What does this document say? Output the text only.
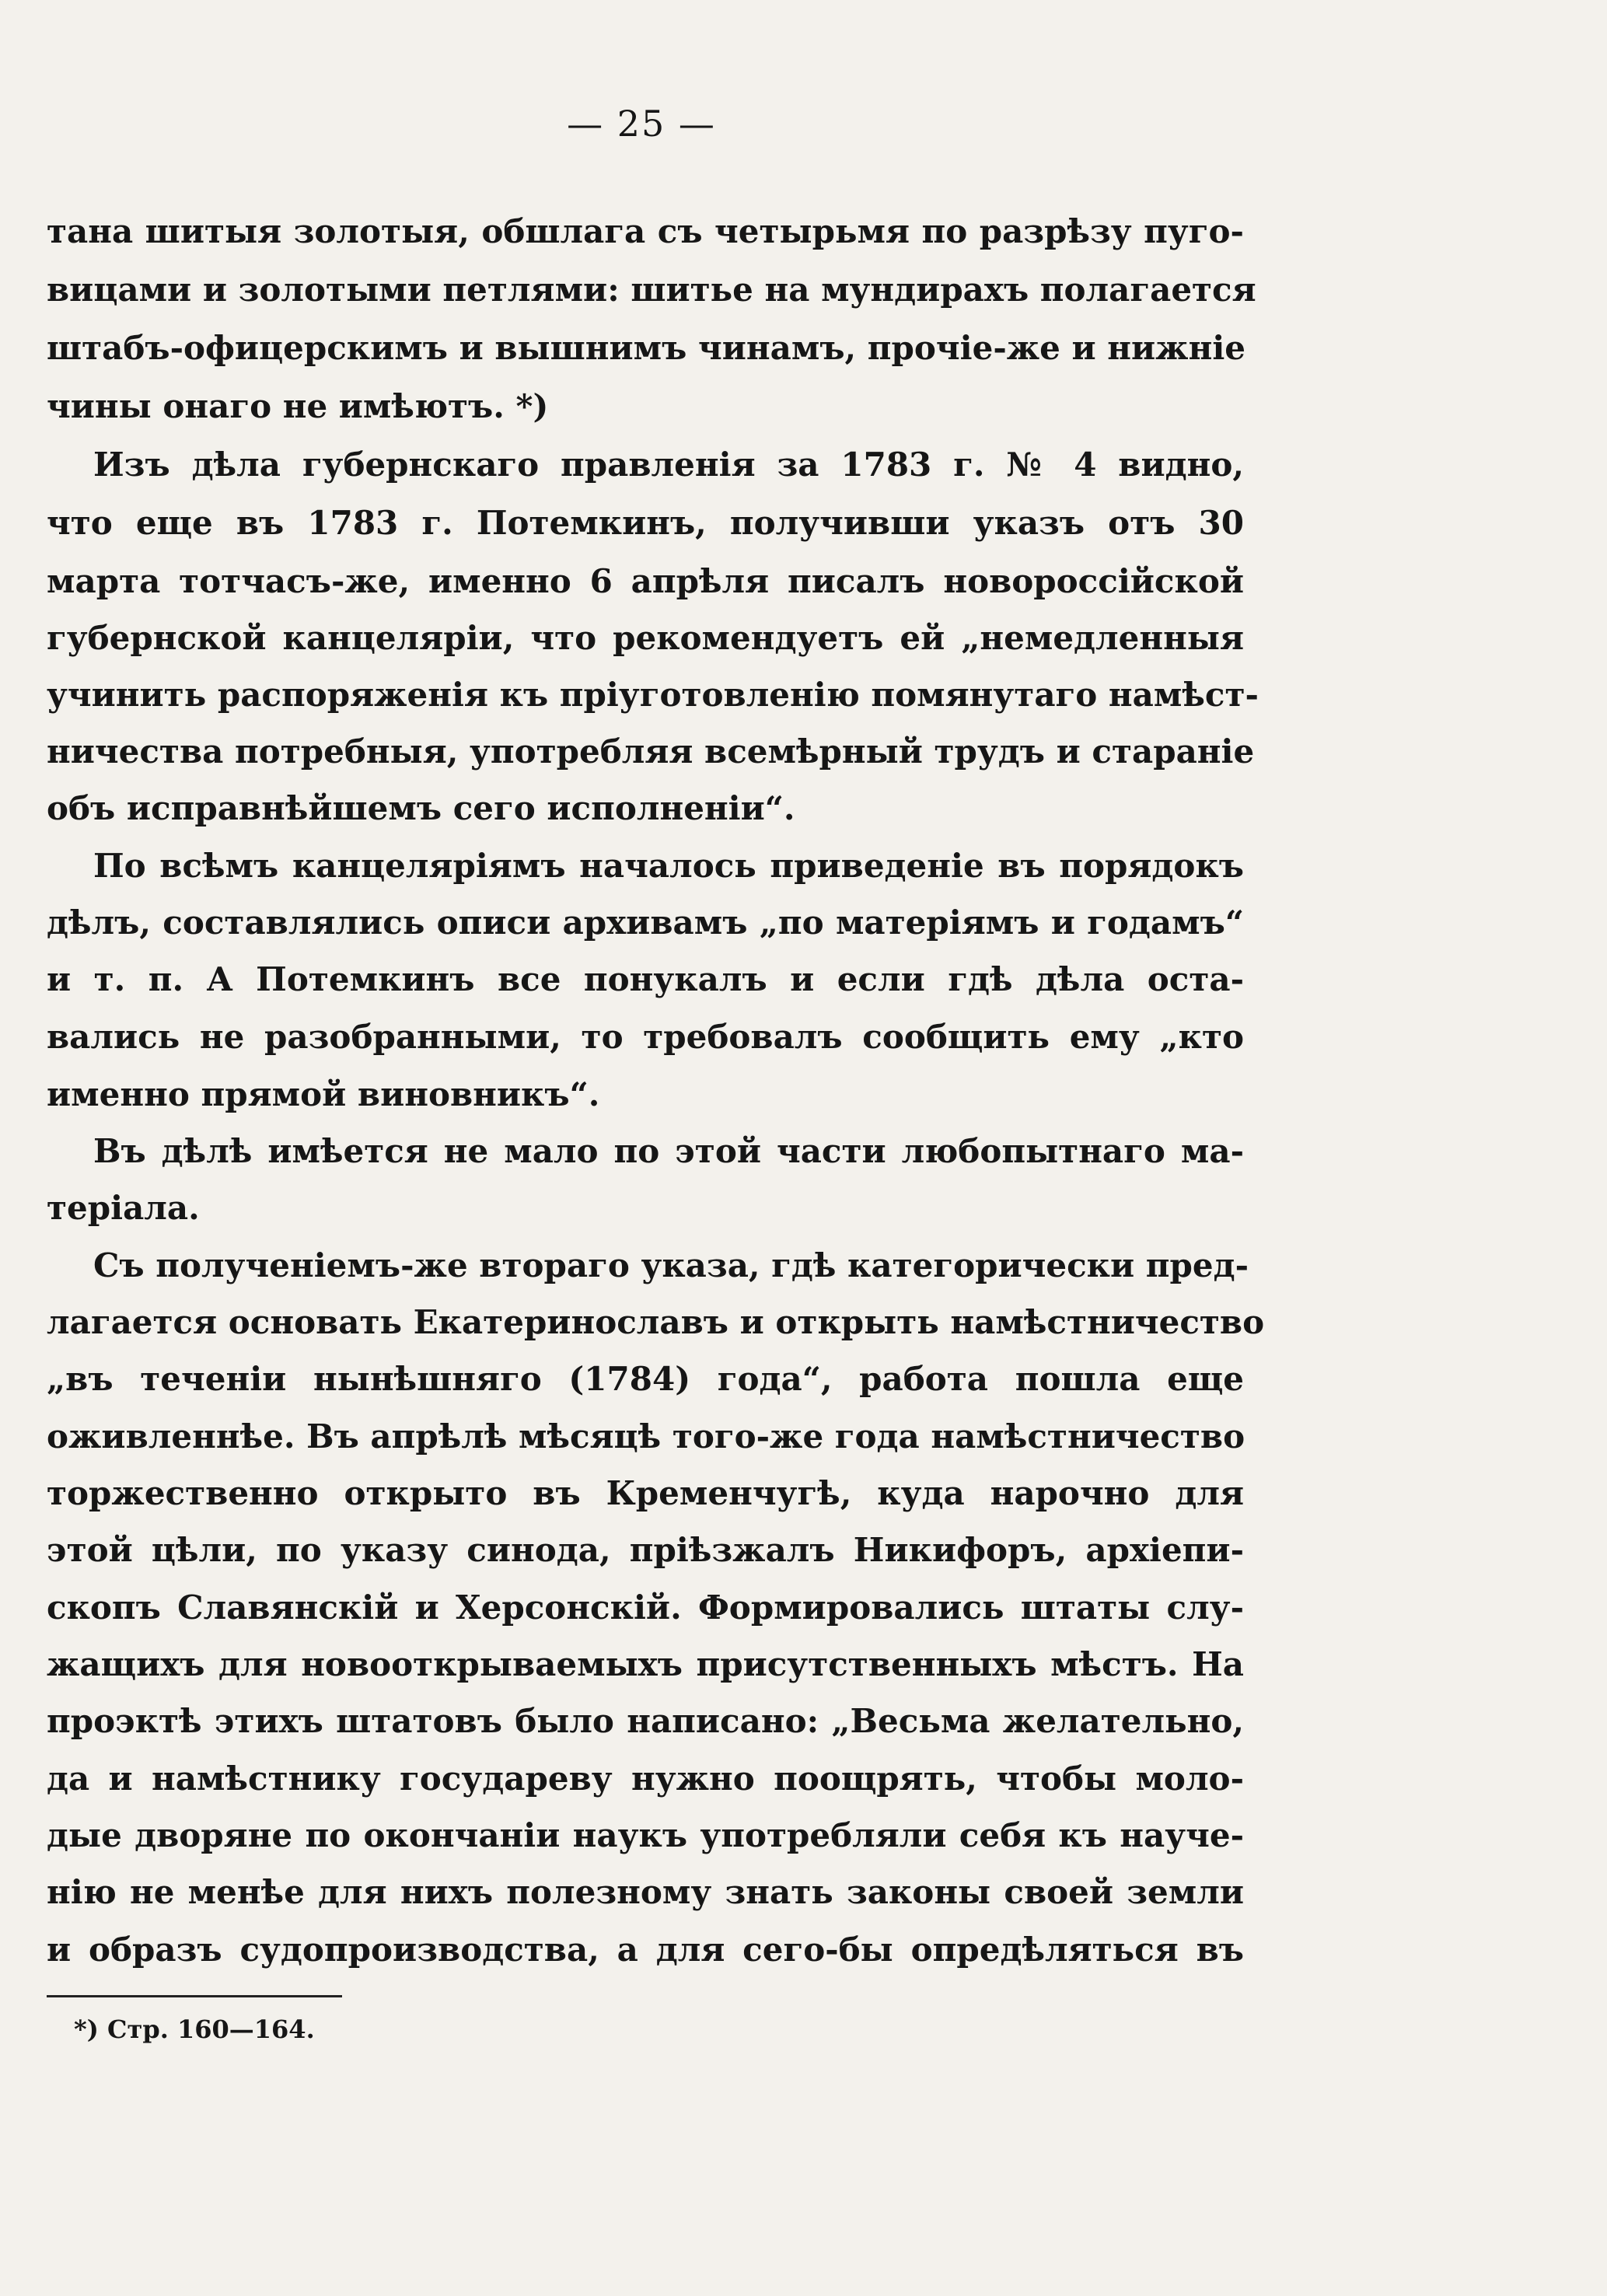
— 25 —
тана шитыя золотыя, обшлага съ четырьмя по разрѣзу пуго-
вицами и золотыми петлями: шитье на мундирахъ полагается
штабъ-офицерскимъ и вышнимъ чинамъ, прочіе-же и нижніе
чины онаго не имѣютъ. *)
Изъ дѣла губернскаго правленія за 1783 г. № 4 видно,
что еще въ 1783 г. Потемкинъ, получивши указъ отъ 30
марта тотчасъ-же, именно 6 апрѣля писалъ новороссійской
губернской канцеляріи, что рекомендуетъ ей „немедленныя
учинить распоряженія къ пріуготовленію помянутаго намѣст-
ничества потребныя, употребляя всемѣрный трудъ и стараніе
объ исправнѣйшемъ сего исполненіи“.
По всѣмъ канцеляріямъ началось приведеніе въ порядокъ
дѣлъ, составлялись описи архивамъ „по матеріямъ и годамъ“
и т. п. А Потемкинъ все понукалъ и если гдѣ дѣла оста-
вались не разобранными, то требовалъ сообщить ему „кто
именно прямой виновникъ“.
Въ дѣлѣ имѣется не мало по этой части любопытнаго ма-
теріала.
Съ полученіемъ-же втораго указа, гдѣ категорически пред-
лагается основать Екатеринославъ и открыть намѣстничество
„въ теченіи нынѣшняго (1784) года“, работа пошла еще
оживленнѣе. Въ апрѣлѣ мѣсяцѣ того-же года намѣстничество
торжественно открыто въ Кременчугѣ, куда нарочно для
этой цѣли, по указу синода, пріѣзжалъ Никифоръ, архіепи-
скопъ Славянскій и Херсонскій. Формировались штаты слу-
жащихъ для новооткрываемыхъ присутственныхъ мѣстъ. На
проэктѣ этихъ штатовъ было написано: „Весьма желательно,
да и намѣстнику государеву нужно поощрять, чтобы моло-
дые дворяне по окончаніи наукъ употребляли себя къ науче-
нію не менѣе для нихъ полезному знать законы своей земли
и образъ судопроизводства, а для сего-бы опредѣляться въ
*) Стр. 160—164.
